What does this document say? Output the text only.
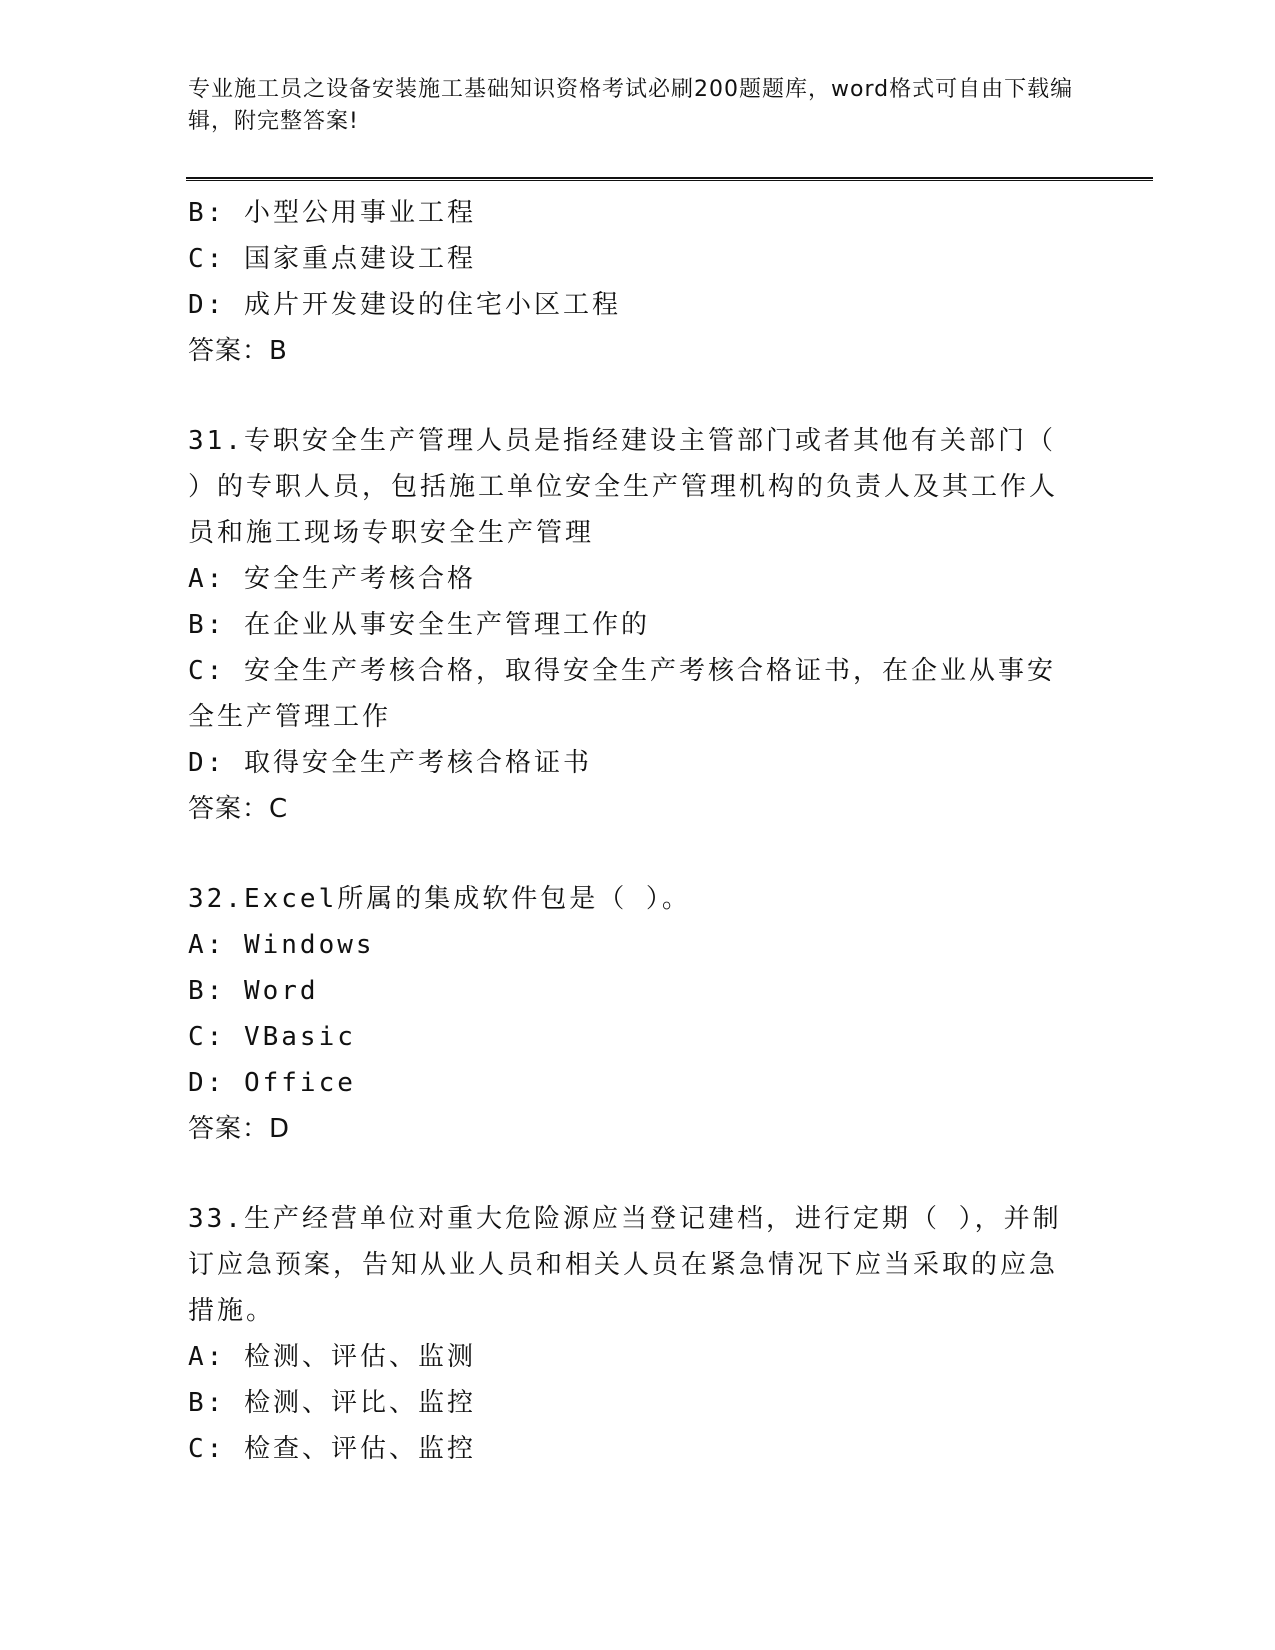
专业施工员之设备安装施工基础知识资格考试必刷200题题库，word格式可自由下载编辑，附完整答案!
B: 小型公用事业工程
C: 国家重点建设工程
D: 成片开发建设的住宅小区工程
答案：B
31.专职安全生产管理人员是指经建设主管部门或者其他有关部门（ ）的专职人员，包括施工单位安全生产管理机构的负责人及其工作人员和施工现场专职安全生产管理
A: 安全生产考核合格
B: 在企业从事安全生产管理工作的
C: 安全生产考核合格，取得安全生产考核合格证书，在企业从事安全生产管理工作
D: 取得安全生产考核合格证书
答案：C
32.Excel所属的集成软件包是（ ）。
A: Windows
B: Word
C: VBasic
D: Office
答案：D
33.生产经营单位对重大危险源应当登记建档，进行定期（ ），并制订应急预案，告知从业人员和相关人员在紧急情况下应当采取的应急措施。
A: 检测、评估、监测
B: 检测、评比、监控
C: 检查、评估、监控
